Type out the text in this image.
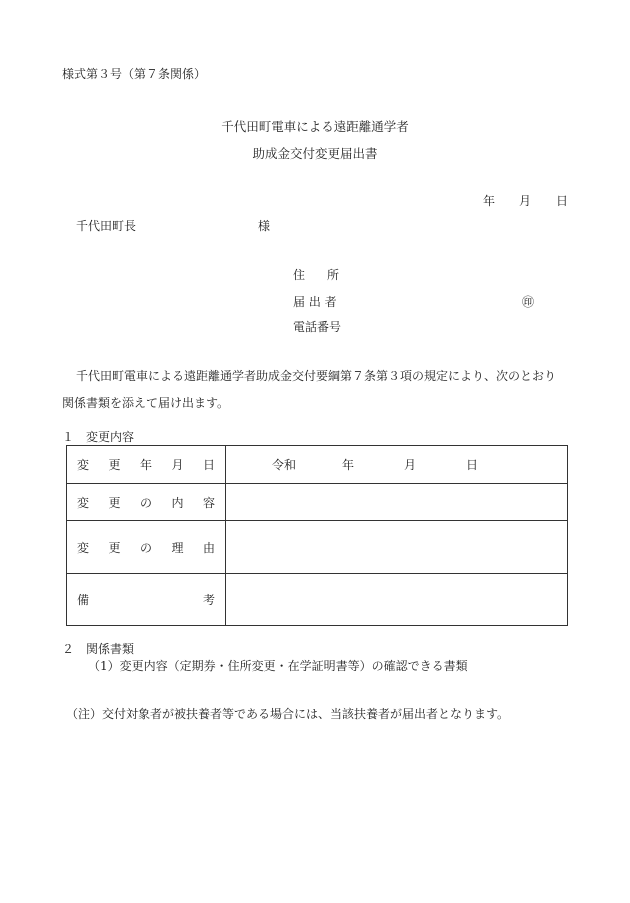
様式第３号（第７条関係）
千代田町電車による遠距離通学者
助成金交付変更届出書
年 月 日
千代田町長	様
住 所
届 出 者	㊞
電話番号
千代田町電車による遠距離通学者助成金交付要綱第７条第３項の規定により、次のとおり
関係書類を添えて届け出ます。
１　変更内容
変 更 年 月 日	令和 年 月 日

変 更 の 内 容	

変 更 の 理 由	

備 考	

２　関係書類
（1）変更内容（定期券・住所変更・在学証明書等）の確認できる書類
（注）交付対象者が被扶養者等である場合には、当該扶養者が届出者となります。
